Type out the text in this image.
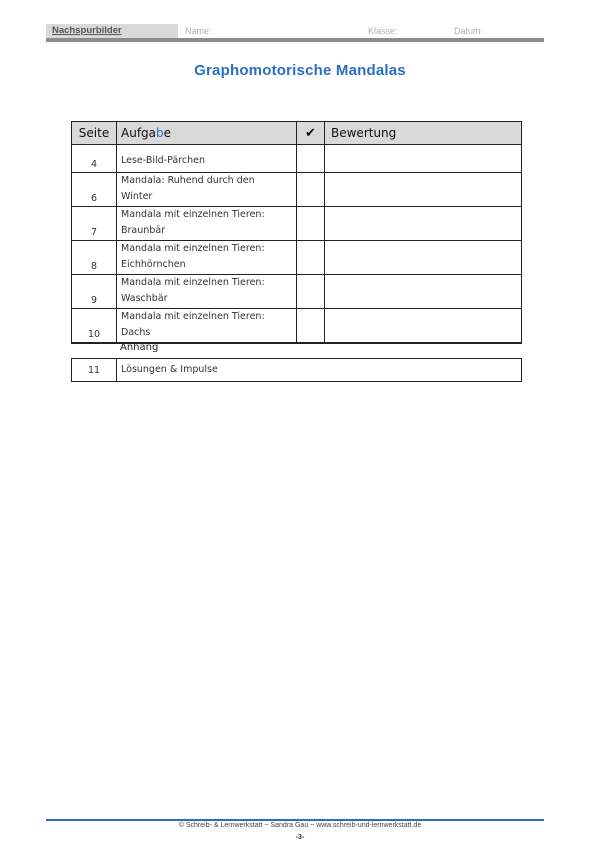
Nachspurbilder	Name:	Klasse:	Datum:
Graphomotorische Mandalas
Seite	Aufgabe	✔	Bewertung
4	Lese-Bild-Pärchen		
6	Mandala: Ruhend durch den
Winter		
7	Mandala mit einzelnen Tieren:
Braunbär		
8	Mandala mit einzelnen Tieren:
Eichhörnchen		
9	Mandala mit einzelnen Tieren:
Waschbär		
10	Mandala mit einzelnen Tieren:
Dachs		
Anhang
11	Lösungen & Impulse
© Schreib- & Lernwerkstatt ~ Sandra Gau ~ www.schreib-und-lernwerkstatt.de
-3-
